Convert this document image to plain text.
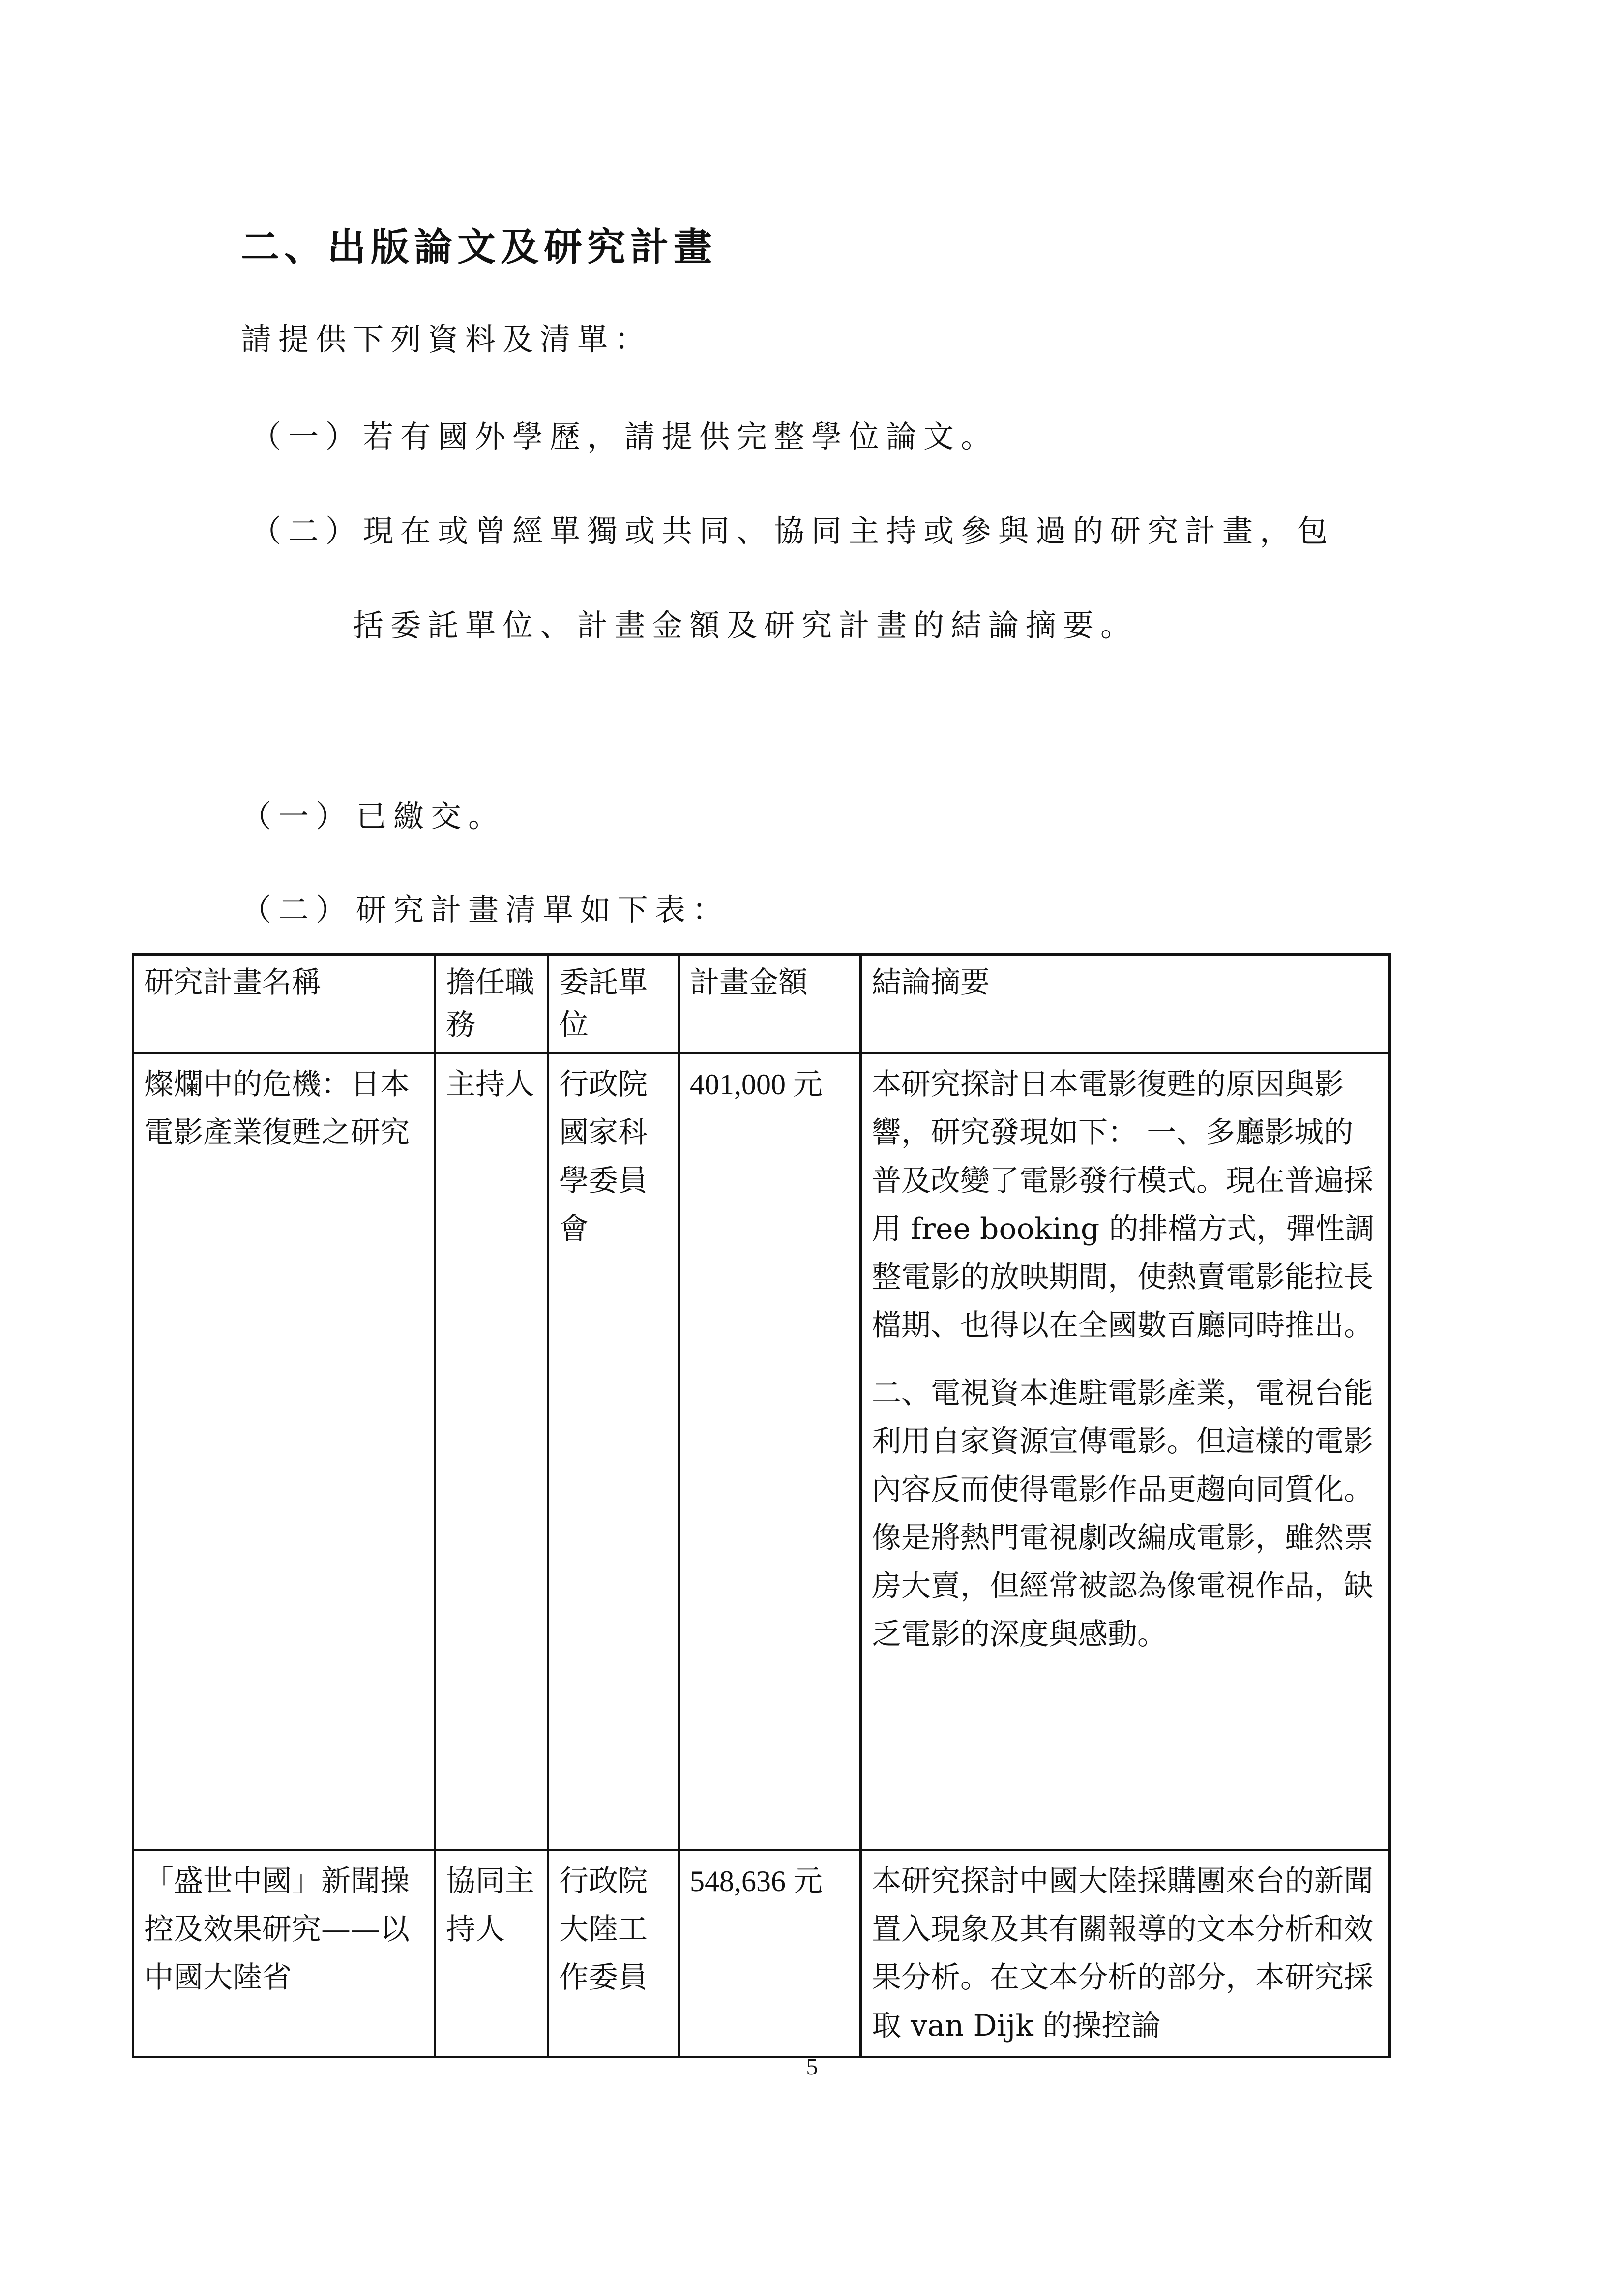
二、出版論文及研究計畫
請提供下列資料及清單：
（一）若有國外學歷，請提供完整學位論文。
（二）現在或曾經單獨或共同、協同主持或參與過的研究計畫，包
括委託單位、計畫金額及研究計畫的結論摘要。
（一） 已繳交。
（二） 研究計畫清單如下表：
研究計畫名稱	擔任職務	委託單位	計畫金額	結論摘要
燦爛中的危機：日本電影產業復甦之研究	主持人	行政院國家科學委員會	401,000 元	本研究探討日本電影復甦的原因與影響，研究發現如下： 一、多廳影城的普及改變了電影發行模式。現在普遍採用 free booking 的排檔方式，彈性調整電影的放映期間，使熱賣電影能拉長檔期、也得以在全國數百廳同時推出。
二、電視資本進駐電影產業，電視台能利用自家資源宣傳電影。但這樣的電影內容反而使得電影作品更趨向同質化。像是將熱門電視劇改編成電影，雖然票房大賣，但經常被認為像電視作品，缺乏電影的深度與感動。

「盛世中國」新聞操控及效果研究——以中國大陸省	協同主持人	行政院大陸工作委員	548,636 元	本研究探討中國大陸採購團來台的新聞置入現象及其有關報導的文本分析和效果分析。在文本分析的部分，本研究採取 van Dijk 的操控論
5
